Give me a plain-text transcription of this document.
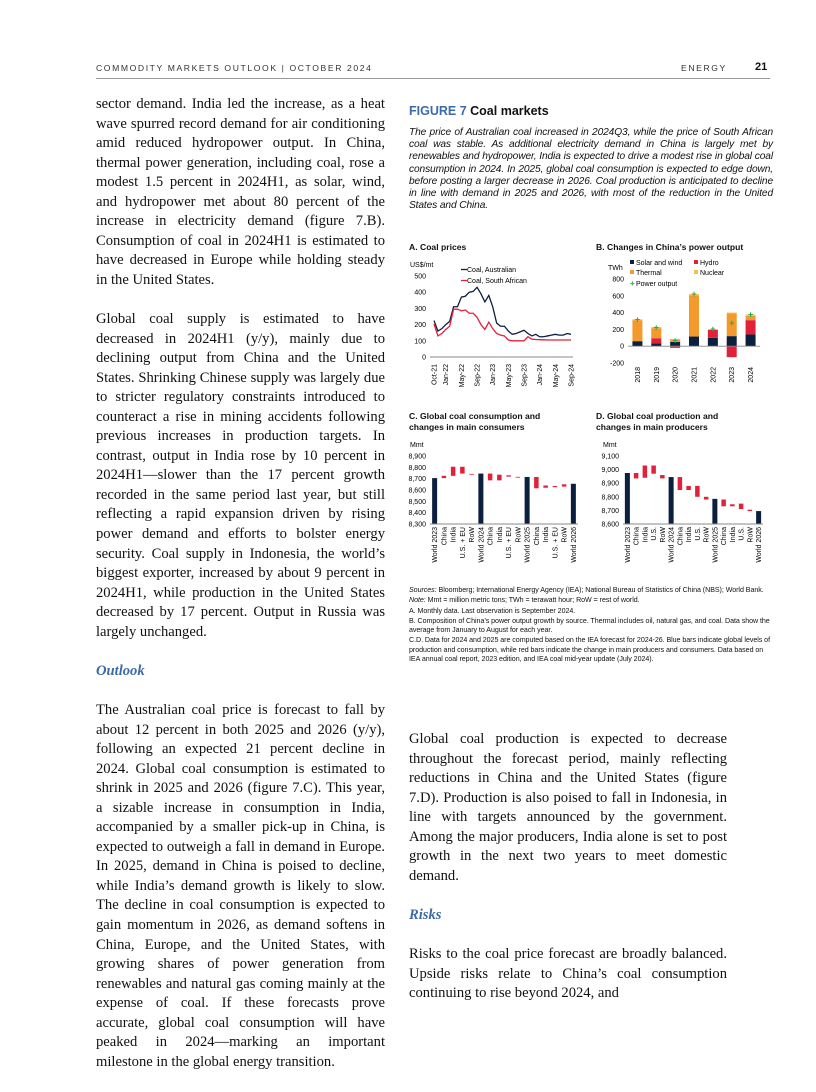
COMMODITY MARKETS OUTLOOK | OCTOBER 2024	ENERGY	21

sector demand. India led the increase, as a heat wave spurred record demand for air conditioning amid reduced hydropower output. In China, thermal power generation, including coal, rose a modest 1.5 percent in 2024H1, as solar, wind, and hydropower met about 80 percent of the increase in electricity demand (figure 7.B). Consumption of coal in 2024H1 is estimated to have decreased in Europe while holding steady in the United States.

Global coal supply is estimated to have decreased in 2024H1 (y/y), mainly due to declining output from China and the United States. Shrinking Chinese supply was largely due to stricter regulatory constraints introduced to counteract a rise in mining accidents following previous increases in production targets. In contrast, output in India rose by 10 percent in 2024H1—slower than the 17 percent growth recorded in the same period last year, but still reflecting a rapid expansion driven by rising power demand and efforts to bolster energy security. Coal supply in Indonesia, the world’s biggest exporter, increased by about 9 percent in 2024H1, while production in the United States decreased by 17 percent. Output in Russia was largely unchanged.

Outlook

The Australian coal price is forecast to fall by about 12 percent in both 2025 and 2026 (y/y), following an expected 21 percent decline in 2024. Global coal consumption is estimated to shrink in 2025 and 2026 (figure 7.C). This year, a sizable increase in consumption in India, accompanied by a smaller pick-up in China, is expected to outweigh a fall in demand in Europe. In 2025, demand in China is poised to decline, while India’s demand growth is likely to slow. The decline in coal consumption is expected to gain momentum in 2026, as demand softens in China, Europe, and the United States, with growing shares of power generation from renewables and natural gas coming mainly at the expense of coal. If these forecasts prove accurate, global coal consumption will have peaked in 2024—marking an important milestone in the global energy transition.

FIGURE 7 Coal markets
The price of Australian coal increased in 2024Q3, while the price of South African coal was stable. As additional electricity demand in China is largely met by renewables and hydropower, India is expected to drive a modest rise in global coal consumption in 2024. In 2025, global coal consumption is expected to edge down, before posting a larger decrease in 2026. Coal production is anticipated to decline in line with demand in 2025 and 2026, with most of the reduction in the United States and China.
A. Coal prices	B. Changes in China’s power output
C. Global coal consumption and changes in main consumers
D. Global coal production and changes in main producers
0
100
200
300
400
500
US$/mt
Oct-21 Jan-22 May-22 Sep-22 Jan-23 May-23 Sep-23 Jan-24 May-24 Sep-24
Coal, Australian
Coal, South African
-200
0
200
400
600
800
TWh
+
2018
+
2019
+
2020
+
2021
+
2022
+
2023
+
2024
Solar and wind
Thermal
Hydro
Nuclear
+ Power output
8,300
8,400
8,500
8,600
8,700
8,800
8,900
Mmt
World 2023 China India U.S. + EU RoW World 2024 China India U.S. + EU RoW World 2025 China India U.S. + EU RoW World 2026
8,600
8,700
8,800
8,900
9,000
9,100
Mmt
World 2023 China India U.S. RoW World 2024 China India U.S. RoW World 2025 China India U.S. RoW World 2026
Sources: Bloomberg; International Energy Agency (IEA); National Bureau of Statistics of China (NBS); World Bank.
Note: Mmt = million metric tons; TWh = terawatt hour; RoW = rest of world.
A. Monthly data. Last observation is September 2024.
B. Composition of China’s power output growth by source. Thermal includes oil, natural gas, and coal. Data show the average from January to August for each year.
C.D. Data for 2024 and 2025 are computed based on the IEA forecast for 2024-26. Blue bars indicate global levels of production and consumption, while red bars indicate the change in main producers and consumers. Data based on IEA annual coal report, 2023 edition, and IEA coal mid-year update (July 2024).

Global coal production is expected to decrease throughout the forecast period, mainly reflecting reductions in China and the United States (figure 7.D). Production is also poised to fall in Indonesia, in line with targets announced by the government. Among the major producers, India alone is set to post growth in the next two years to meet domestic demand.

Risks

Risks to the coal price forecast are broadly balanced. Upside risks relate to China’s coal consumption continuing to rise beyond 2024, and
